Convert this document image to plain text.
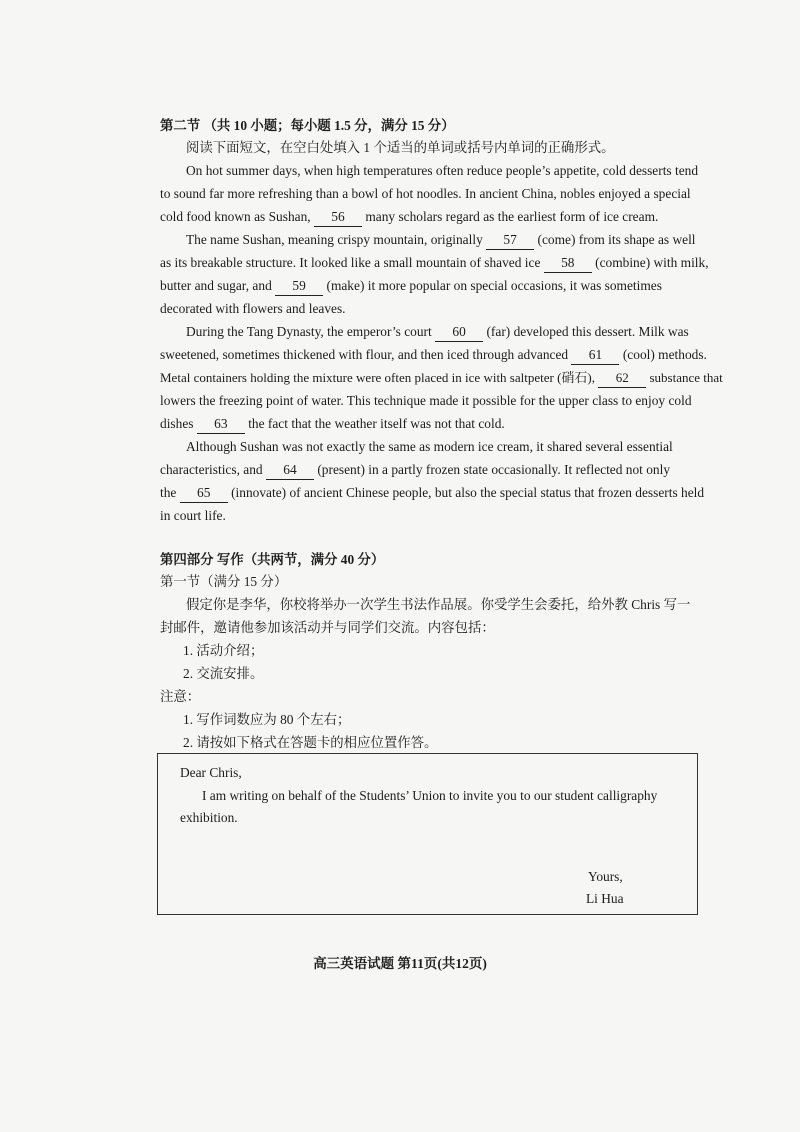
第二节 （共 10 小题；每小题 1.5 分，满分 15 分）
阅读下面短文，在空白处填入 1 个适当的单词或括号内单词的正确形式。
On hot summer days, when high temperatures often reduce people’s appetite, cold desserts tend
to sound far more refreshing than a bowl of hot noodles. In ancient China, nobles enjoyed a special
cold food known as Sushan, 56 many scholars regard as the earliest form of ice cream.
The name Sushan, meaning crispy mountain, originally 57 (come) from its shape as well
as its breakable structure. It looked like a small mountain of shaved ice 58 (combine) with milk,
butter and sugar, and 59 (make) it more popular on special occasions, it was sometimes
decorated with flowers and leaves.
During the Tang Dynasty, the emperor’s court 60 (far) developed this dessert. Milk was
sweetened, sometimes thickened with flour, and then iced through advanced 61 (cool) methods.
Metal containers holding the mixture were often placed in ice with saltpeter (硝石), 62 substance that
lowers the freezing point of water. This technique made it possible for the upper class to enjoy cold
dishes 63 the fact that the weather itself was not that cold.
Although Sushan was not exactly the same as modern ice cream, it shared several essential
characteristics, and 64 (present) in a partly frozen state occasionally. It reflected not only
the 65 (innovate) of ancient Chinese people, but also the special status that frozen desserts held
in court life.
第四部分 写作（共两节，满分 40 分）
第一节（满分 15 分）
假定你是李华，你校将举办一次学生书法作品展。你受学生会委托，给外教 Chris 写一
封邮件，邀请他参加该活动并与同学们交流。内容包括：
1. 活动介绍；
2. 交流安排。
注意：
1. 写作词数应为 80 个左右；
2. 请按如下格式在答题卡的相应位置作答。
Dear Chris,
I am writing on behalf of the Students’ Union to invite you to our student calligraphy
exhibition.
Yours,
Li Hua
高三英语试题 第11页(共12页)
